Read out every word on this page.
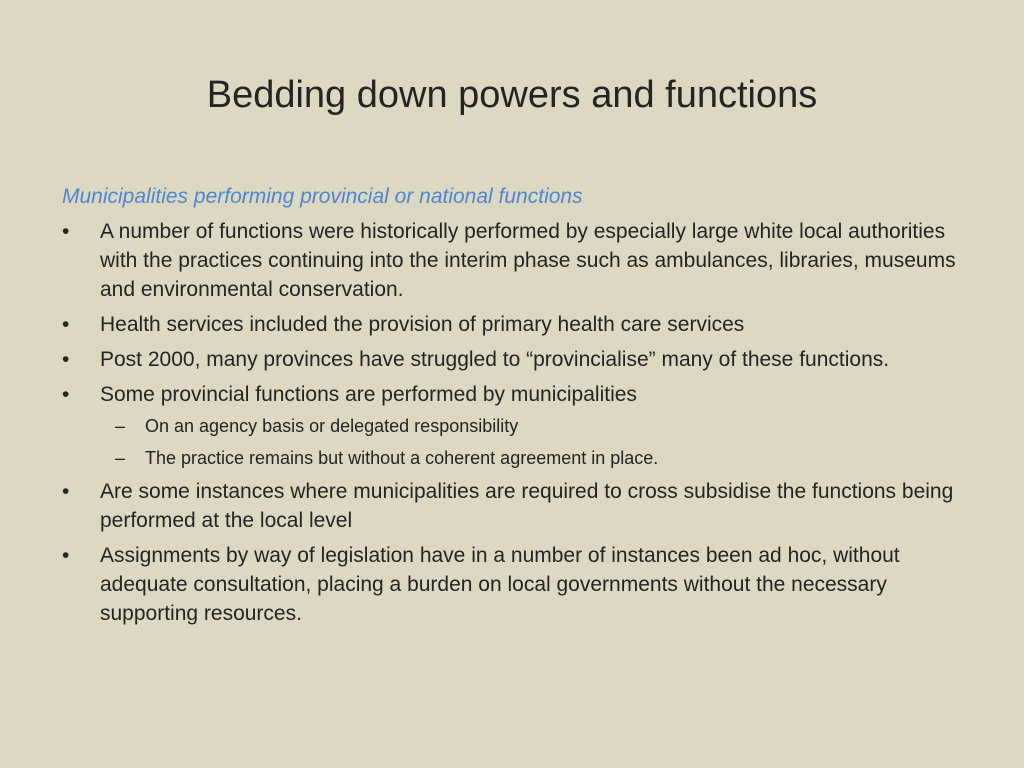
Bedding down powers and functions
Municipalities performing provincial or national functions
•	A number of functions were historically performed by especially large white local authorities with the practices continuing into the interim phase such as ambulances, libraries, museums and environmental conservation.
•	Health services included the provision of primary health care services
•	Post 2000, many provinces have struggled to “provincialise” many of these functions.
•	Some provincial functions are performed by municipalities
– On an agency basis or delegated responsibility
– The practice remains but without a coherent agreement in place.
•	Are some instances where municipalities are required to cross subsidise the functions being performed at the local level
•	Assignments by way of legislation have in a number of instances been ad hoc, without adequate consultation, placing a burden on local governments without the necessary supporting resources.
